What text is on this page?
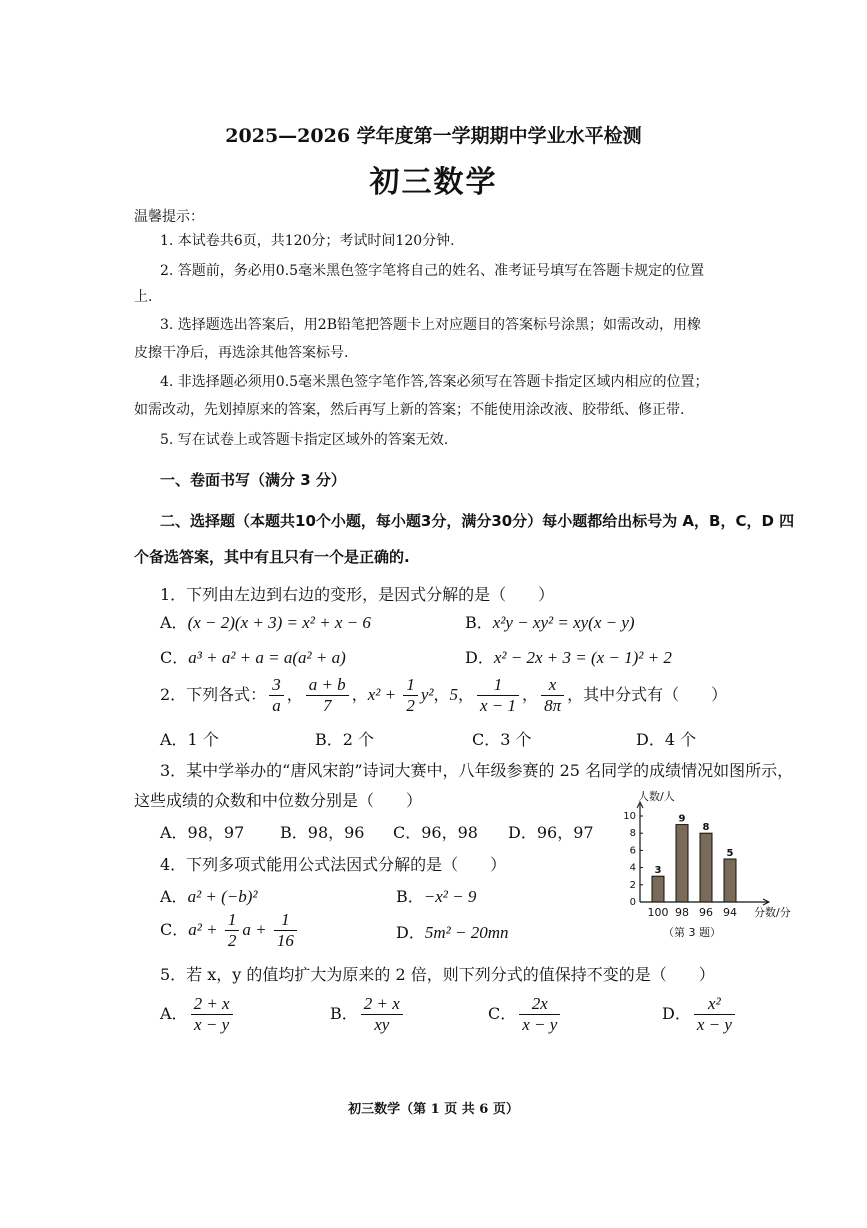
2025—2026 学年度第一学期期中学业水平检测
初三数学
温馨提示：
1. 本试卷共6页，共120分；考试时间120分钟.
2. 答题前，务必用0.5毫米黑色签字笔将自己的姓名、准考证号填写在答题卡规定的位置
上.
3. 选择题选出答案后，用2B铅笔把答题卡上对应题目的答案标号涂黑；如需改动，用橡
皮擦干净后，再选涂其他答案标号.
4. 非选择题必须用0.5毫米黑色签字笔作答,答案必须写在答题卡指定区域内相应的位置；
如需改动，先划掉原来的答案，然后再写上新的答案；不能使用涂改液、胶带纸、修正带.
5. 写在试卷上或答题卡指定区域外的答案无效.
一、卷面书写（满分 3 分）
二、选择题（本题共10个小题，每小题3分，满分30分）每小题都给出标号为 A，B，C，D 四
个备选答案，其中有且只有一个是正确的.
1．下列由左边到右边的变形，是因式分解的是（　　）
A．(x − 2)(x + 3) = x² + x − 6	B．x²y − xy² = xy(x − y)
C．a³ + a² + a = a(a² + a)	D．x² − 2x + 3 = (x − 1)² + 2
2．下列各式： $\frac{3}{a}$ ， $\frac{a + b}{7}$ ，$x^2 + \frac{1}{2} y^2$，5， $\frac{1}{x - 1}$ ， $\frac{x}{8\pi}$ ，其中分式有（　　）
A．1 个	B．2 个	C．3 个	D．4 个
3．某中学举办的“唐风宋韵”诗词大赛中，八年级参赛的 25 名同学的成绩情况如图所示，
这些成绩的众数和中位数分别是（　　）
A．98，97 B．98，96 C．96，98 D．96，97
0
2
4
6
8
10
人数/人
3
100
9
98
8
96
5
94 分数/分
（第 3 题）
4．下列多项式能用公式法因式分解的是（　　）
A．a² + (−b)²	B．−x² − 9
C．$a^2 + \frac{1}{2}$ $a + \frac{1}{16}$	D．5m² − 20mn
5．若 x，y 的值均扩大为原来的 2 倍，则下列分式的值保持不变的是（　　）
A． $\frac{2 + x}{x - y}$	B． $\frac{2 + x}{xy}$	C． $\frac{2x}{x - y}$	D． $\frac{\text{x²}}{x - y}$
初三数学（第 1 页 共 6 页）
